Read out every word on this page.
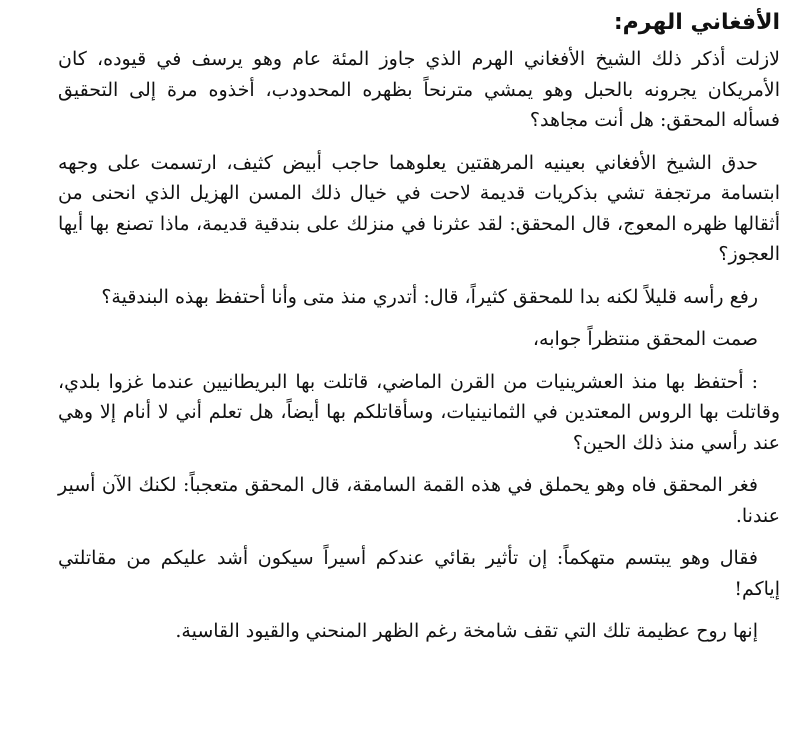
الأفغاني الهرم:

لازلت أذكر ذلك الشيخ الأفغاني الهرم الذي جاوز المئة عام وهو يرسف في قيوده، كان الأمريكان يجرونه بالحبل وهو يمشي مترنحاً بظهره المحدودب، أخذوه مرة إلى التحقيق فسأله المحقق: هل أنت مجاهد؟

حدق الشيخ الأفغاني بعينيه المرهقتين يعلوهما حاجب أبيض كثيف، ارتسمت على وجهه ابتسامة مرتجفة تشي بذكريات قديمة لاحت في خيال ذلك المسن الهزيل الذي انحنى من أثقالها ظهره المعوج، قال المحقق: لقد عثرنا في منزلك على بندقية قديمة، ماذا تصنع بها أيها العجوز؟

رفع رأسه قليلاً لكنه بدا للمحقق كثيراً، قال: أتدري منذ متى وأنا أحتفظ بهذه البندقية؟

صمت المحقق منتظراً جوابه،

: أحتفظ بها منذ العشرينيات من القرن الماضي، قاتلت بها البريطانيين عندما غزوا بلدي، وقاتلت بها الروس المعتدين في الثمانينيات، وسأقاتلكم بها أيضاً، هل تعلم أني لا أنام إلا وهي عند رأسي منذ ذلك الحين؟

فغر المحقق فاه وهو يحملق في هذه القمة السامقة، قال المحقق متعجباً: لكنك الآن أسير عندنا.

فقال وهو يبتسم متهكماً: إن تأثير بقائي عندكم أسيراً سيكون أشد عليكم من مقاتلتي إياكم!

إنها روح عظيمة تلك التي تقف شامخة رغم الظهر المنحني والقيود القاسية.
